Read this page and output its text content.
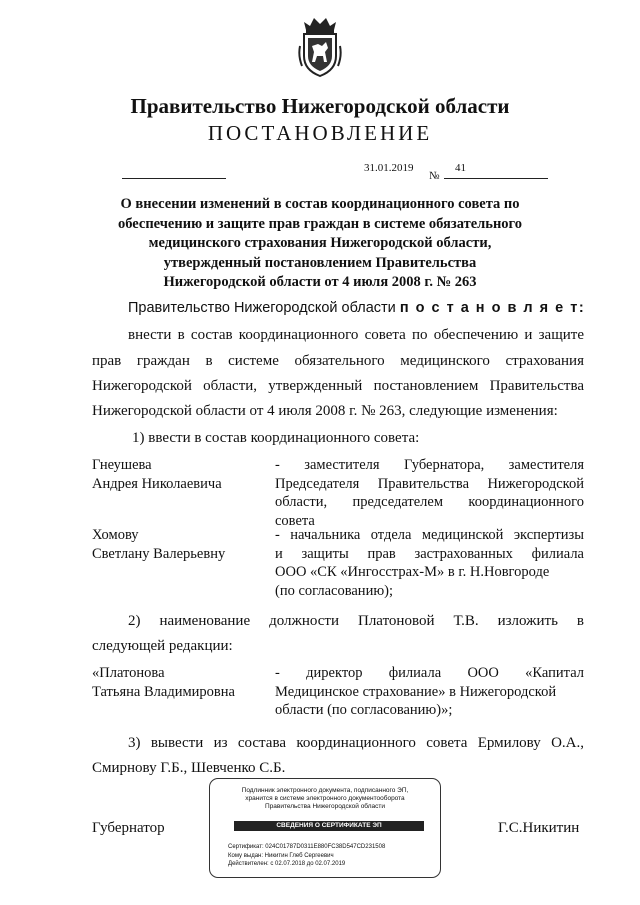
Правительство Нижегородской области
ПОСТАНОВЛЕНИЕ
31.01.2019
№
41
О внесении изменений в состав координационного совета по
обеспечению и защите прав граждан в системе обязательного
медицинского страхования Нижегородской области,
утвержденный постановлением Правительства
Нижегородской области от 4 июля 2008 г. № 263
Правительство Нижегородской области п о с т а н о в л я е т:
внести в состав координационного совета по обеспечению и защите
прав граждан в системе обязательного медицинского страхования
Нижегородской области, утвержденный постановлением Правительства
Нижегородской области от 4 июля 2008 г. № 263, следующие изменения:
1) ввести в состав координационного совета:
Гнеушева
Андрея Николаевича
- заместителя Губернатора, заместителя
Председателя Правительства Нижегородской
области, председателем координационного
совета
Хомову
Светлану Валерьевну
- начальника отдела медицинской экспертизы
и защиты прав застрахованных филиала
ООО «СК «Ингосстрах-М» в г. Н.Новгороде
(по согласованию);
2) наименование должности Платоновой Т.В. изложить в
следующей редакции:
«Платонова
Татьяна Владимировна
- директор филиала ООО «Капитал
Медицинское страхование» в Нижегородской
области (по согласованию)»;
3) вывести из состава координационного совета Ермилову О.А.,
Смирнову Г.Б., Шевченко С.Б.
Губернатор	Г.С.Никитин
Подлинник электронного документа, подписанного ЭП,
хранится в системе электронного документооборота
Правительства Нижегородской области
СВЕДЕНИЯ О СЕРТИФИКАТЕ ЭП
Сертификат: 024C01787D0311E880FC38D547CD231508
Кому выдан: Никитин Глеб Сергеевич
Действителен: с 02.07.2018 до 02.07.2019
